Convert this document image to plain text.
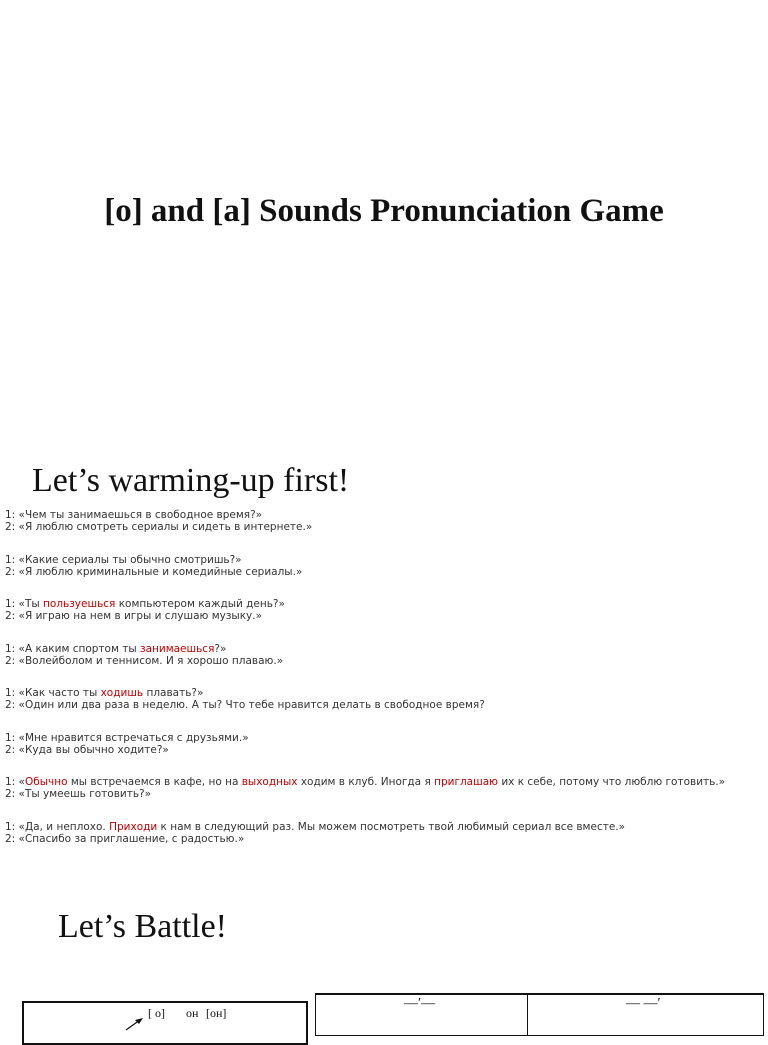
[o] and [a] Sounds Pronunciation Game
Let’s warming-up first!
1: «Чем ты занимаешься в свободное время?»
2: «Я люблю смотреть сериалы и сидеть в интернете.»
1: «Какие сериалы ты обычно смотришь?»
2: «Я люблю криминальные и комедийные сериалы.»
1: «Ты пользуешься компьютером каждый день?»
2: «Я играю на нем в игры и слушаю музыку.»
1: «А каким спортом ты занимаешься?»
2: «Волейболом и теннисом. И я хорошо плаваю.»
1: «Как часто ты ходишь плавать?»
2: «Один или два раза в неделю. А ты? Что тебе нравится делать в свободное время?
1: «Мне нравится встречаться с друзьями.»
2: «Куда вы обычно ходите?»
1: «Обычно мы встречаемся в кафе, но на выходных ходим в клуб. Иногда я приглашаю их к себе, потому что люблю готовить.»
2: «Ты умеешь готовить?»
1: «Да, и неплохо. Приходи к нам в следующий раз. Мы можем посмотреть твой любимый сериал все вместе.»
2: «Спасибо за приглашение, с радостью.»
Let’s Battle!
[ o] он [он]
—′—	— —′
